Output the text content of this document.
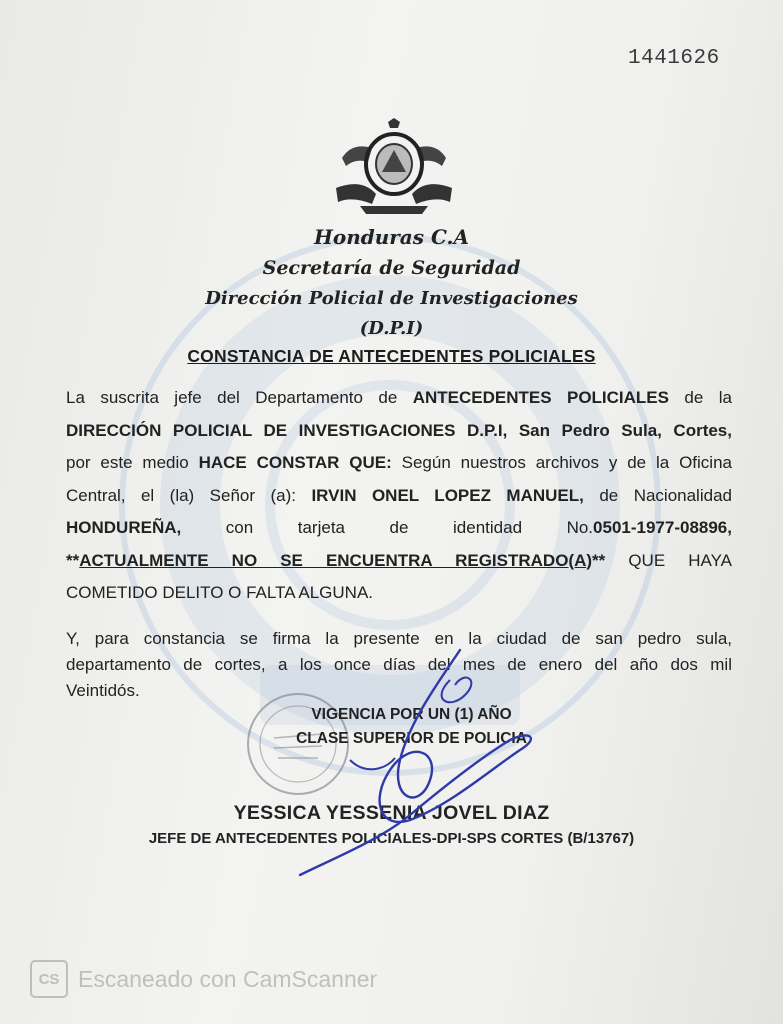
1441626
Honduras C.A
Secretaría de Seguridad
Dirección Policial de Investigaciones
(D.P.I)
CONSTANCIA DE ANTECEDENTES POLICIALES
La suscrita jefe del Departamento de ANTECEDENTES POLICIALES de la
DIRECCIÓN POLICIAL DE INVESTIGACIONES D.P.I, San Pedro Sula, Cortes,
por este medio HACE CONSTAR QUE: Según nuestros archivos y de la Oficina
Central, el (la) Señor (a): IRVIN ONEL LOPEZ MANUEL, de Nacionalidad
HONDUREÑA,	con tarjeta de identidad No.0501-1977-08896,
**ACTUALMENTE NO SE ENCUENTRA REGISTRADO(A)** QUE HAYA
COMETIDO DELITO O FALTA ALGUNA.
Y, para constancia se firma la presente en la ciudad de san pedro sula,
departamento de cortes, a los once días del mes de enero del año dos mil
Veintidós.
VIGENCIA POR UN (1) AÑO
CLASE SUPERIOR DE POLICIA
YESSICA YESSENIA JOVEL DIAZ
JEFE DE ANTECEDENTES POLICIALES-DPI-SPS CORTES (B/13767)
CS Escaneado con CamScanner
